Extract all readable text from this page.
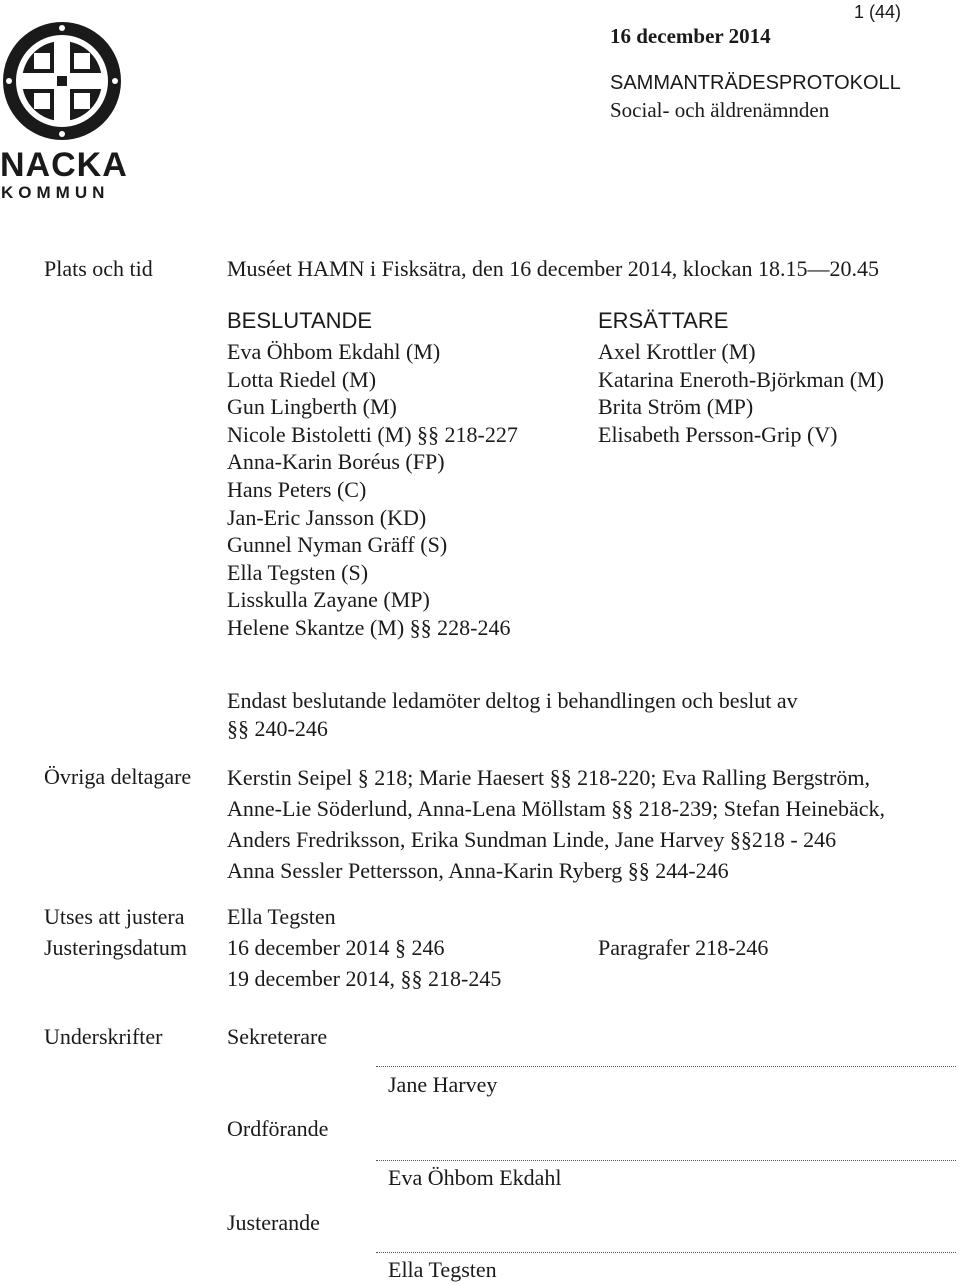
NACKA
KOMMUN
1 (44)
16 december 2014
SAMMANTRÄDESPROTOKOLL
Social- och äldrenämnden
Plats och tid	Muséet HAMN i Fisksätra, den 16 december 2014, klockan 18.15—20.45
BESLUTANDE
Eva Öhbom Ekdahl (M)
Lotta Riedel (M)
Gun Lingberth (M)
Nicole Bistoletti (M) §§ 218-227
Anna-Karin Boréus (FP)
Hans Peters (C)
Jan-Eric Jansson (KD)
Gunnel Nyman Gräff (S)
Ella Tegsten (S)
Lisskulla Zayane (MP)
Helene Skantze (M) §§ 228-246
ERSÄTTARE
Axel Krottler (M)
Katarina Eneroth-Björkman (M)
Brita Ström (MP)
Elisabeth Persson-Grip (V)
Endast beslutande ledamöter deltog i behandlingen och beslut av
§§ 240-246
Övriga deltagare Kerstin Seipel § 218; Marie Haesert §§ 218-220; Eva Ralling Bergström,
Anne-Lie Söderlund, Anna-Lena Möllstam §§ 218-239; Stefan Heinebäck,
Anders Fredriksson, Erika Sundman Linde, Jane Harvey §§218 - 246
Anna Sessler Pettersson, Anna-Karin Ryberg §§ 244-246
Utses att justera Ella Tegsten
Justeringsdatum 16 december 2014 § 246
19 december 2014, §§ 218-245
Paragrafer 218-246
Underskrifter	Sekreterare
Jane Harvey
Ordförande
Eva Öhbom Ekdahl
Justerande
Ella Tegsten
